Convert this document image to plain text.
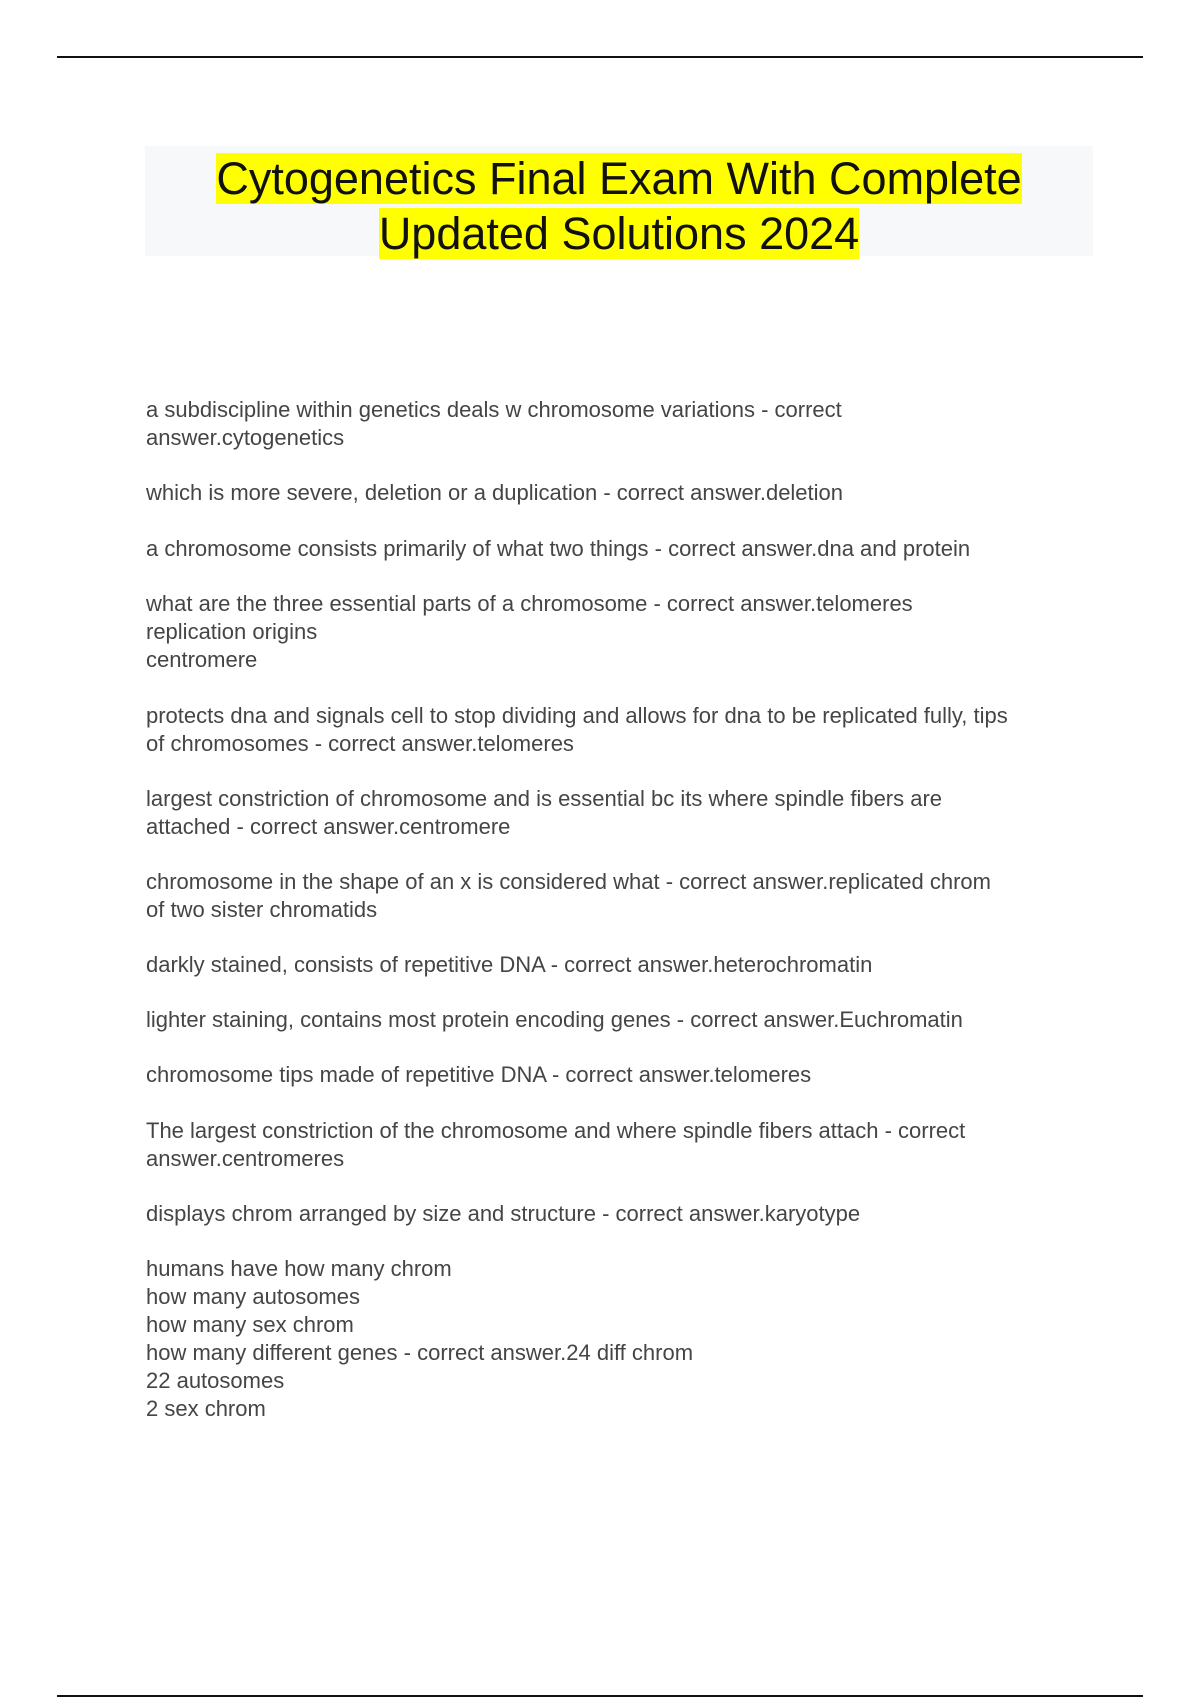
Cytogenetics Final Exam With Complete
Updated Solutions 2024
a subdiscipline within genetics deals w chromosome variations - correct
answer.cytogenetics
which is more severe, deletion or a duplication - correct answer.deletion
a chromosome consists primarily of what two things - correct answer.dna and protein
what are the three essential parts of a chromosome - correct answer.telomeres
replication origins
centromere
protects dna and signals cell to stop dividing and allows for dna to be replicated fully, tips
of chromosomes - correct answer.telomeres
largest constriction of chromosome and is essential bc its where spindle fibers are
attached - correct answer.centromere
chromosome in the shape of an x is considered what - correct answer.replicated chrom
of two sister chromatids
darkly stained, consists of repetitive DNA - correct answer.heterochromatin
lighter staining, contains most protein encoding genes - correct answer.Euchromatin
chromosome tips made of repetitive DNA - correct answer.telomeres
The largest constriction of the chromosome and where spindle fibers attach - correct
answer.centromeres
displays chrom arranged by size and structure - correct answer.karyotype
humans have how many chrom
how many autosomes
how many sex chrom
how many different genes - correct answer.24 diff chrom
22 autosomes
2 sex chrom
